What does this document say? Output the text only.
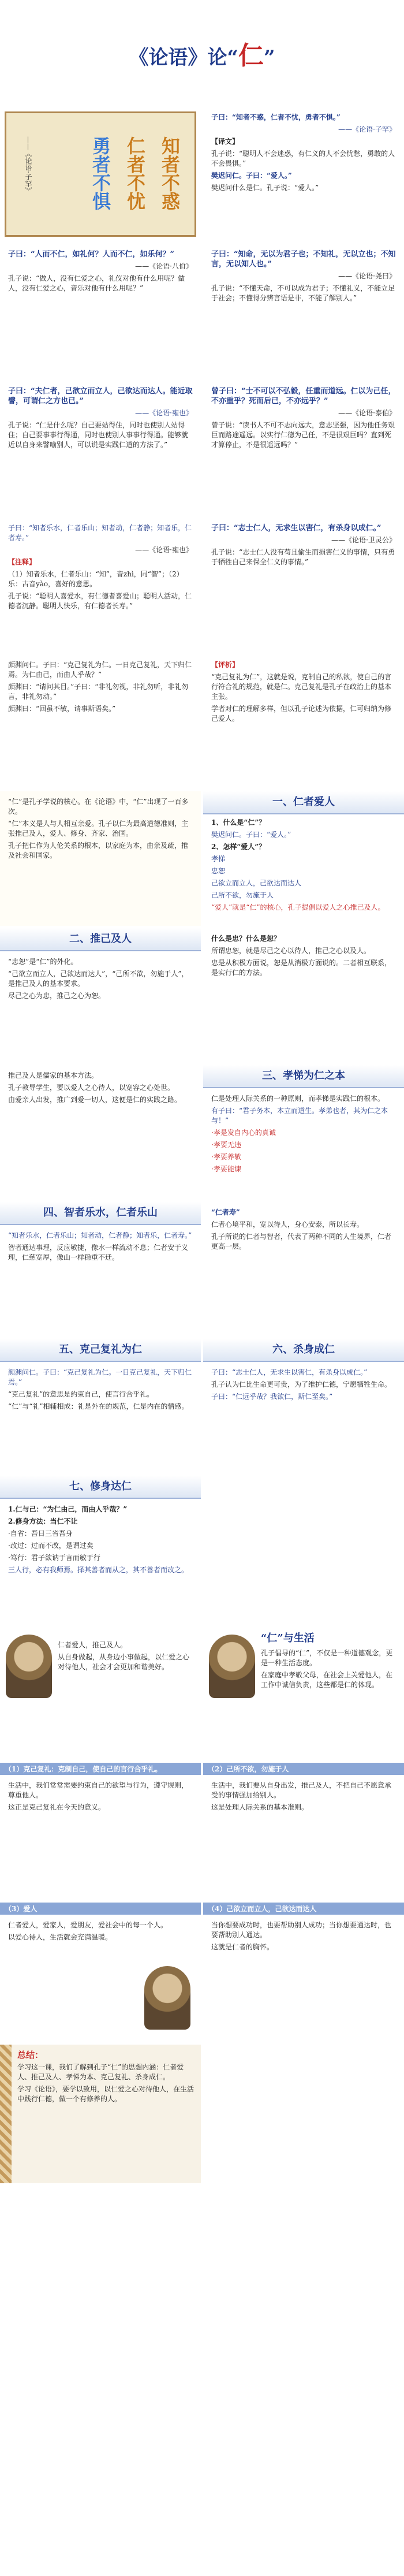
《论语》论“仁”
知者不惑
仁者不忧
勇者不惧
——《论语·子罕》

子曰：“知者不惑，仁者不忧，勇者不惧。”

——《论语·子罕》

【译文】

孔子说：“聪明人不会迷惑，有仁义的人不会忧愁，勇敢的人不会畏惧。”

樊迟问仁。子曰：“爱人。”

樊迟问什么是仁。孔子说：“爱人。”

子曰：“人而不仁，如礼何？人而不仁，如乐何？”

——《论语·八佾》

孔子说：“做人，没有仁爱之心，礼仪对他有什么用呢？做人，没有仁爱之心，音乐对他有什么用呢？”

子曰：“知命，无以为君子也；不知礼，无以立也；不知言，无以知人也。”

——《论语·尧曰》

孔子说：“不懂天命，不可以成为君子；不懂礼义，不能立足于社会；不懂得分辨言语是非，不能了解别人。”

子曰：“夫仁者，己欲立而立人，己欲达而达人。能近取譬，可谓仁之方也已。”

——《论语·雍也》

孔子说：“仁是什么呢？自己要站得住，同时也使别人站得住；自己要事事行得通，同时也使别人事事行得通。能够就近以自身来譬喻别人，可以说是实践仁道的方法了。”

曾子曰：“士不可以不弘毅，任重而道远。仁以为己任，不亦重乎？死而后已，不亦远乎？”

——《论语·泰伯》

曾子说：“读书人不可不志向远大，意志坚强，因为他任务艰巨而路途遥远。以实行仁德为己任，不是很艰巨吗？直到死才算停止，不是很遥远吗？”

子曰：“知者乐水，仁者乐山；知者动，仁者静；知者乐，仁者寿。”

——《论语·雍也》

【注释】

（1）知者乐水，仁者乐山：“知”，音zhì，同“智”；（2）乐：古音yào，喜好的意思。

孔子说：“聪明人喜爱水，有仁德者喜爱山；聪明人活动，仁德者沉静。聪明人快乐，有仁德者长寿。”

子曰：“志士仁人，无求生以害仁，有杀身以成仁。”

——《论语·卫灵公》

孔子说：“志士仁人没有苟且偷生而损害仁义的事情，只有勇于牺牲自己来保全仁义的事情。”

颜渊问仁。子曰：“克己复礼为仁。一日克己复礼，天下归仁焉。为仁由己，而由人乎哉？”

颜渊曰：“请问其目。”子曰：“非礼勿视，非礼勿听，非礼勿言，非礼勿动。”

颜渊曰：“回虽不敏，请事斯语矣。”

【评析】

“克己复礼为仁”，这就是说，克制自己的私欲，使自己的言行符合礼的规范，就是仁。克己复礼是孔子在政治上的基本主张。

学者对仁的理解多样，但以孔子论述为依据，仁可归纳为修己爱人。

“仁”是孔子学说的核心。在《论语》中，“仁”出现了一百多次。

“仁”本义是人与人相互亲爱。孔子以仁为最高道德准则，主张推己及人，爱人、修身、齐家、治国。

孔子把仁作为人伦关系的根本，以家庭为本，由亲及疏，推及社会和国家。

一、仁者爱人

1、什么是“仁”？

樊迟问仁。子曰：“爱人。”

2、怎样“爱人”？

孝悌

忠恕

己欲立而立人，己欲达而达人

己所不欲，勿施于人

“爱人”就是“仁”的核心，孔子提倡以爱人之心推己及人。

二、推己及人

“忠恕”是“仁”的外化。

“己欲立而立人，己欲达而达人”，“己所不欲，勿施于人”，是推己及人的基本要求。

尽己之心为忠，推己之心为恕。

什么是忠？什么是恕？

所谓忠恕，就是尽己之心以待人，推己之心以及人。

忠是从积极方面说，恕是从消极方面说的。二者相互联系，是实行仁的方法。

推己及人是儒家的基本方法。

孔子教导学生，要以爱人之心待人，以宽容之心处世。

由爱亲人出发，推广到爱一切人，这便是仁的实践之路。

三、孝悌为仁之本

仁是处理人际关系的一种原则，而孝悌是实践仁的根本。

有子曰：“君子务本，本立而道生。孝弟也者，其为仁之本与！”

·孝是发自内心的真诚

·孝要无违

·孝要养敬

·孝要能谏

四、智者乐水，仁者乐山

“知者乐水，仁者乐山；知者动，仁者静；知者乐，仁者寿。”

智者通达事理，反应敏捷，像水一样流动不息；仁者安于义理，仁慈宽厚，像山一样稳重不迁。

“仁者寿”

仁者心境平和，宽以待人，身心安泰，所以长寿。

孔子所说的仁者与智者，代表了两种不同的人生境界，仁者更高一层。

五、克己复礼为仁

颜渊问仁。子曰：“克己复礼为仁。一日克己复礼，天下归仁焉。”

“克己复礼”的意思是约束自己，使言行合乎礼。

“仁”与“礼”相辅相成：礼是外在的规范，仁是内在的情感。

六、杀身成仁

子曰：“志士仁人，无求生以害仁，有杀身以成仁。”

孔子认为仁比生命更可贵，为了维护仁德，宁愿牺牲生命。

子曰：“仁远乎哉？我欲仁，斯仁至矣。”

七、修身达仁

1.仁与己：“为仁由己，而由人乎哉？”

2.修身方法：当仁不让

·自省：吾日三省吾身

·改过：过而不改，是谓过矣

·笃行：君子欲讷于言而敏于行

三人行，必有我师焉。择其善者而从之，其不善者而改之。

“仁”与生活

孔子倡导的“仁”，不仅是一种道德观念，更是一种生活态度。

在家庭中孝敬父母，在社会上关爱他人，在工作中诚信负责，这些都是仁的体现。

仁者爱人，推己及人。

从自身做起，从身边小事做起，以仁爱之心对待他人，社会才会更加和谐美好。

（1）克己复礼：克制自己，使自己的言行合乎礼。

生活中，我们常常需要约束自己的欲望与行为，遵守规则，尊重他人。

这正是克己复礼在今天的意义。

（2）己所不欲，勿施于人

生活中，我们要从自身出发，推己及人，不把自己不愿意承受的事情强加给别人。

这是处理人际关系的基本准则。

（3）爱人

仁者爱人，爱家人，爱朋友，爱社会中的每一个人。

以爱心待人，生活就会充满温暖。

（4）己欲立而立人，己欲达而达人

当你想要成功时，也要帮助别人成功；当你想要通达时，也要帮助别人通达。

这就是仁者的胸怀。

总结：

学习这一课，我们了解到孔子“仁”的思想内涵：仁者爱人、推己及人、孝悌为本、克己复礼、杀身成仁。

学习《论语》，要学以致用，以仁爱之心对待他人，在生活中践行仁德，做一个有修养的人。
